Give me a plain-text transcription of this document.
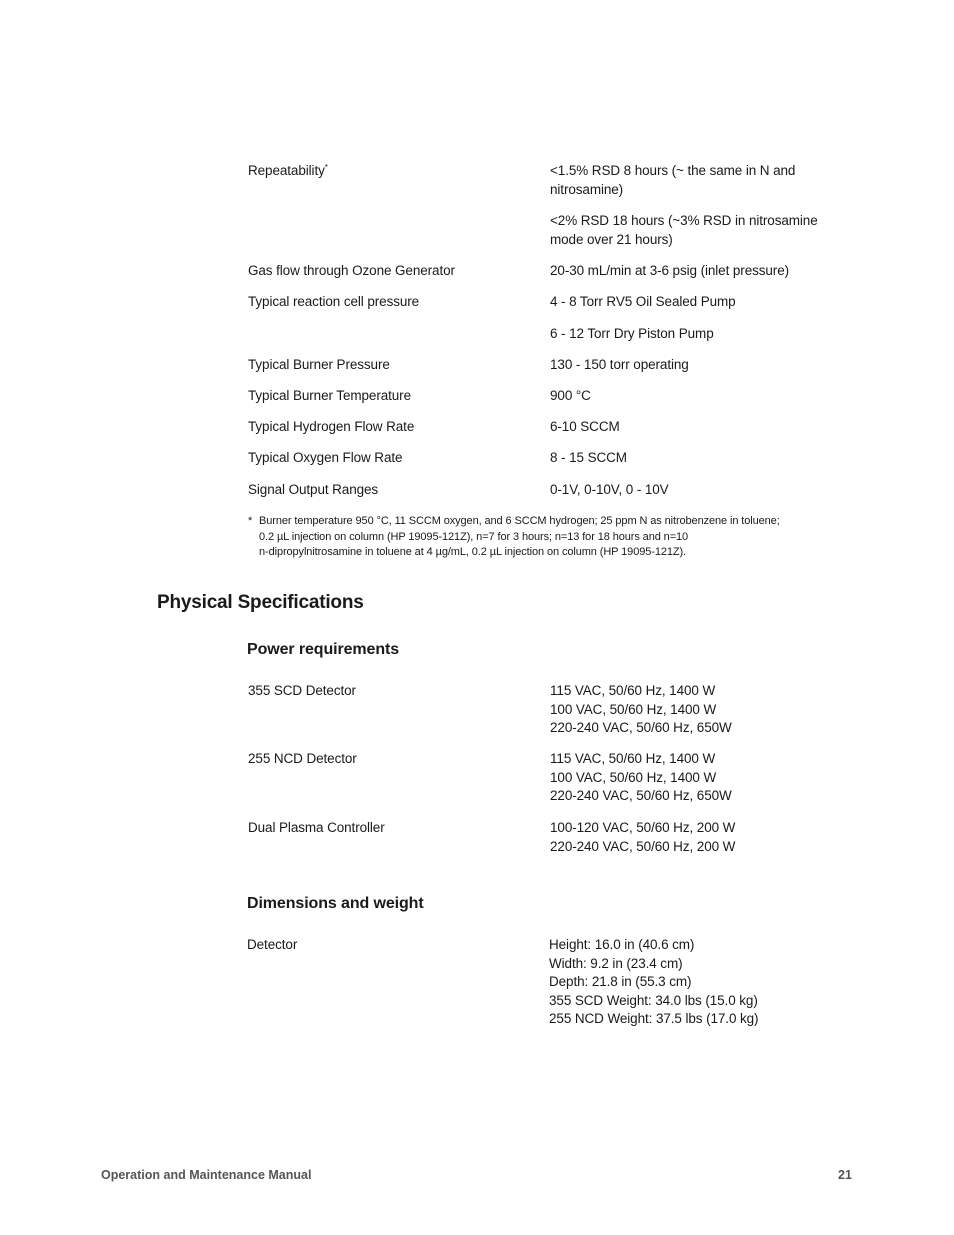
Repeatability*	<1.5% RSD 8 hours (~ the same in N and
nitrosamine)
<2% RSD 18 hours (~3% RSD in nitrosamine
mode over 21 hours)
Gas flow through Ozone Generator	20-30 mL/min at 3-6 psig (inlet pressure)
Typical reaction cell pressure	4 - 8 Torr RV5 Oil Sealed Pump
6 - 12 Torr Dry Piston Pump
Typical Burner Pressure	130 - 150 torr operating
Typical Burner Temperature	900 °C
Typical Hydrogen Flow Rate	6-10 SCCM
Typical Oxygen Flow Rate	8 - 15 SCCM
Signal Output Ranges	0-1V, 0-10V, 0 - 10V
* Burner temperature 950 °C, 11 SCCM oxygen, and 6 SCCM hydrogen; 25 ppm N as nitrobenzene in toluene;
0.2 µL injection on column (HP 19095-121Z), n=7 for 3 hours; n=13 for 18 hours and n=10
n-dipropylnitrosamine in toluene at 4 µg/mL, 0.2 µL injection on column (HP 19095-121Z).
Physical Specifications
Power requirements
355 SCD Detector	115 VAC, 50/60 Hz, 1400 W
100 VAC, 50/60 Hz, 1400 W
220-240 VAC, 50/60 Hz, 650W
255 NCD Detector	115 VAC, 50/60 Hz, 1400 W
100 VAC, 50/60 Hz, 1400 W
220-240 VAC, 50/60 Hz, 650W
Dual Plasma Controller	100-120 VAC, 50/60 Hz, 200 W
220-240 VAC, 50/60 Hz, 200 W
Dimensions and weight
Detector	Height: 16.0 in (40.6 cm)
Width: 9.2 in (23.4 cm)
Depth: 21.8 in (55.3 cm)
355 SCD Weight: 34.0 lbs (15.0 kg)
255 NCD Weight: 37.5 lbs (17.0 kg)
Operation and Maintenance Manual	21
